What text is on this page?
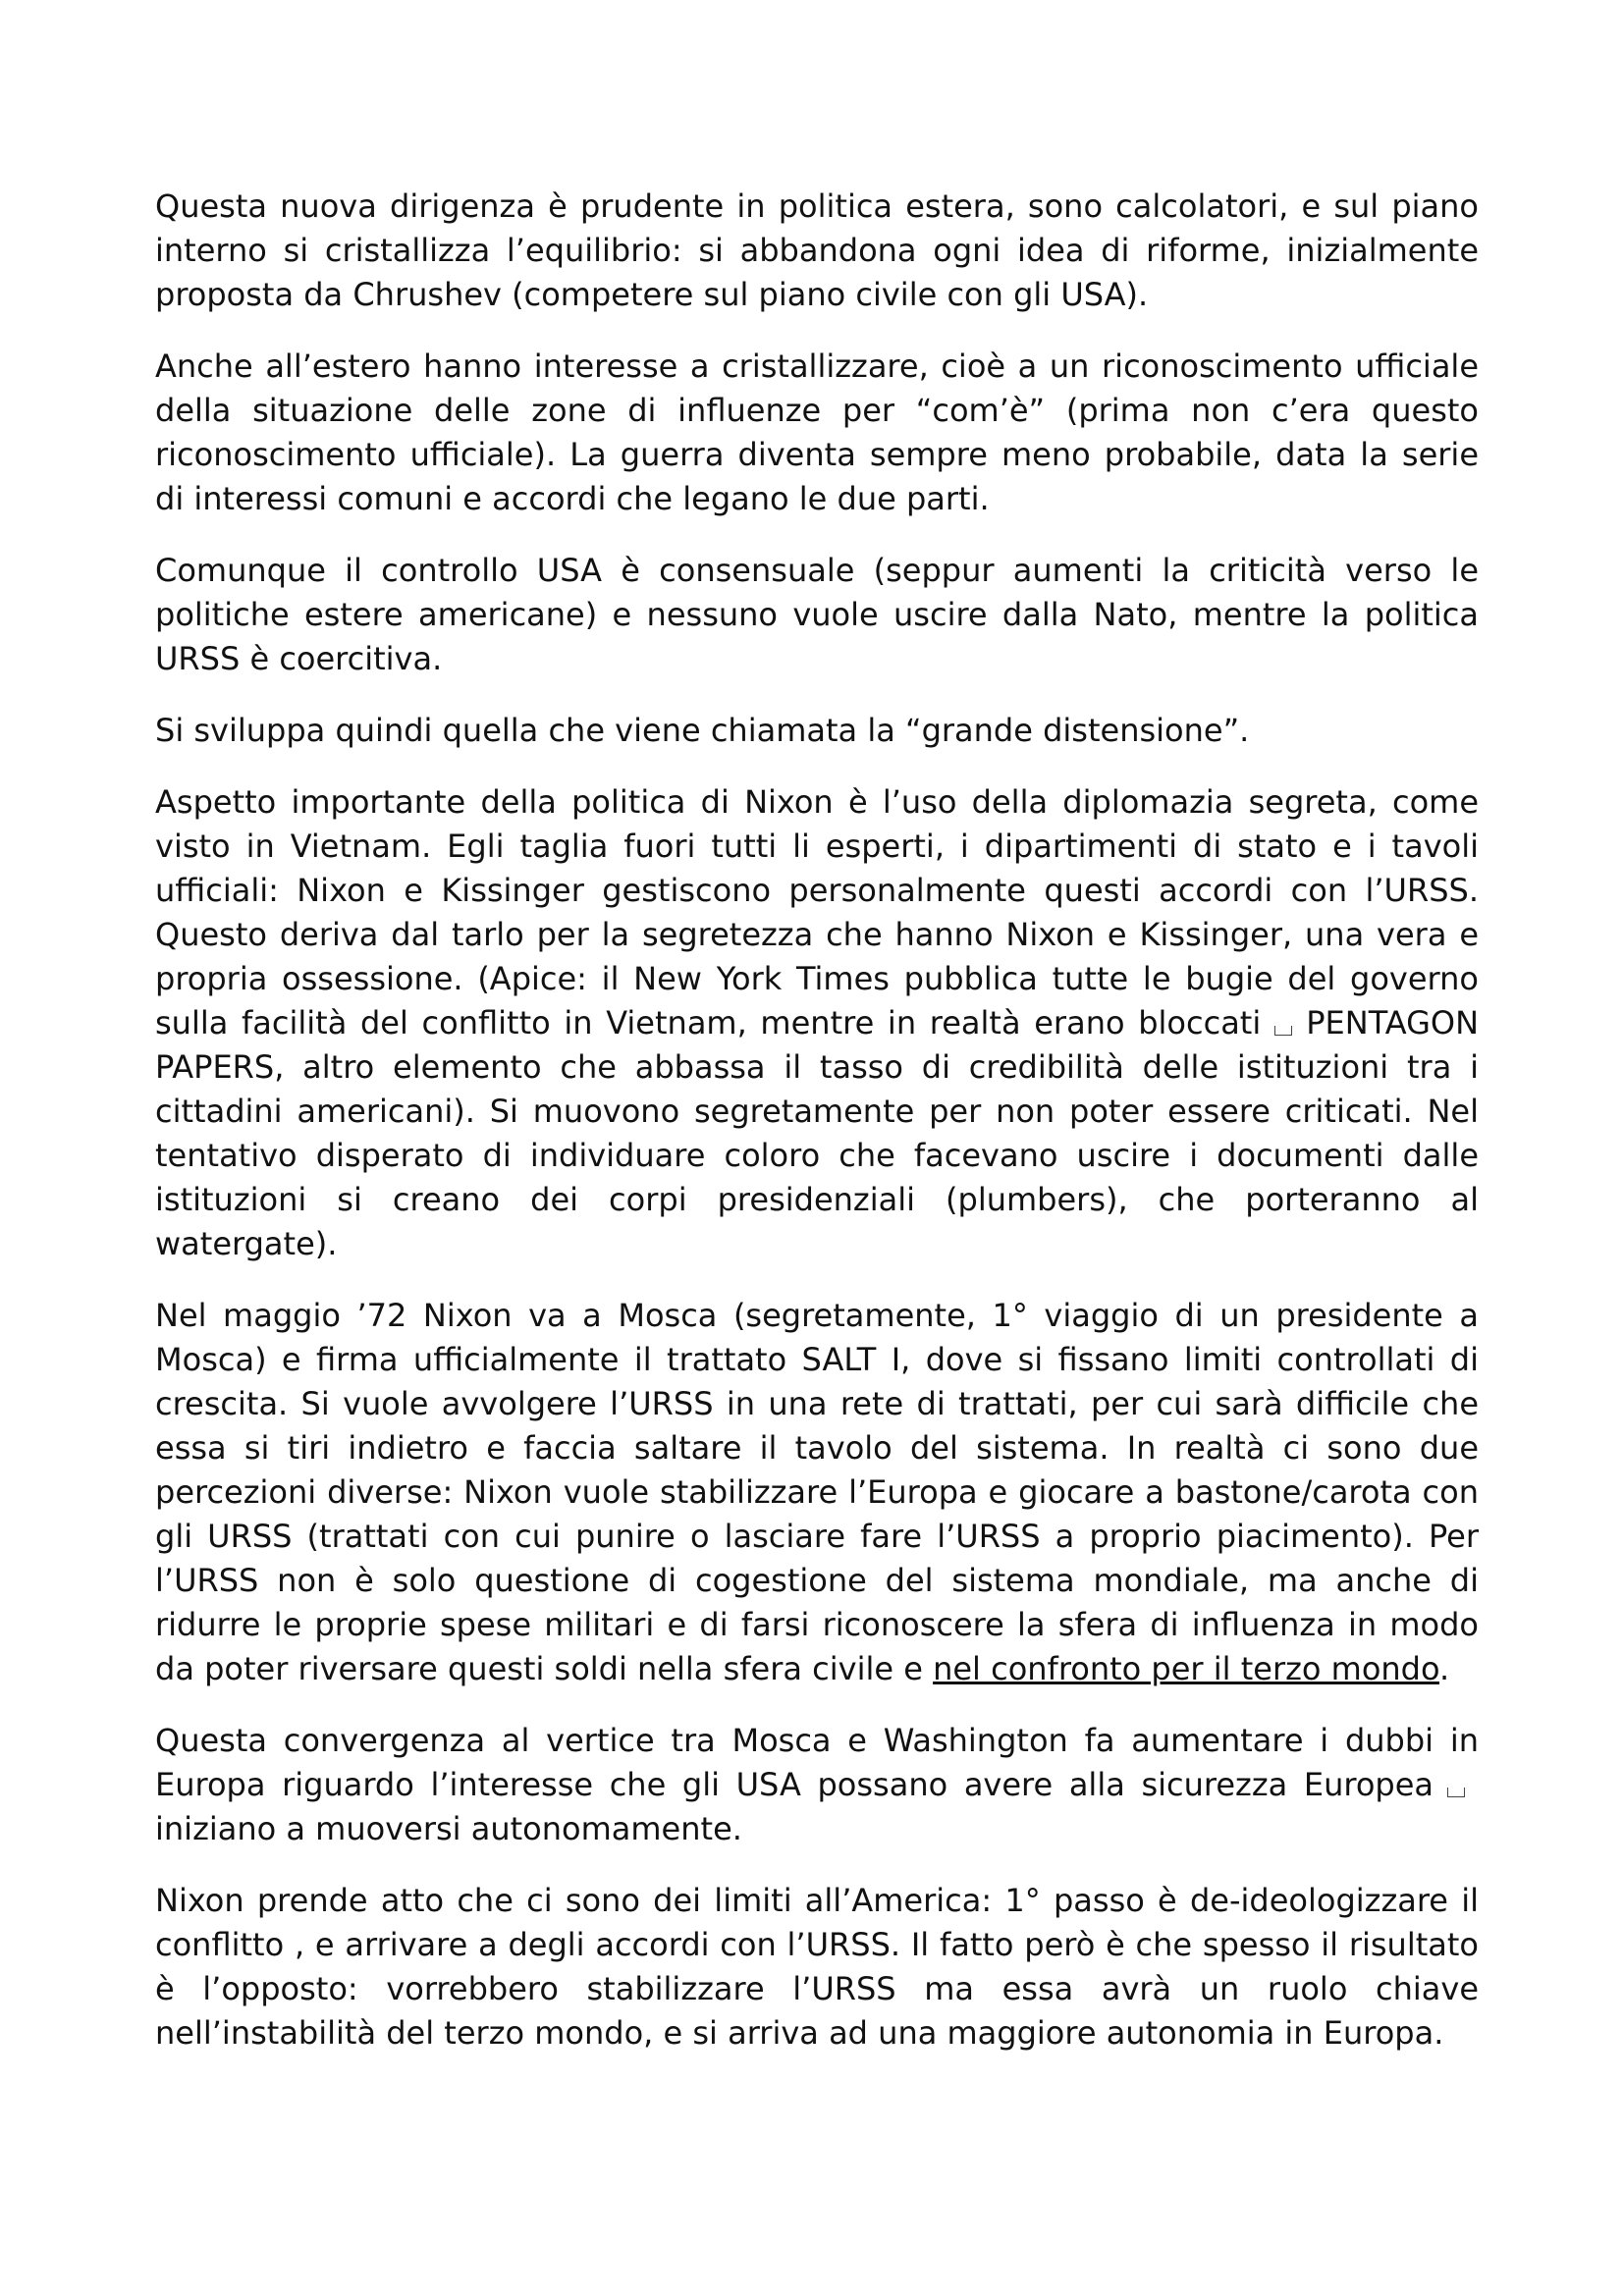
Questa nuova dirigenza è prudente in politica estera, sono calcolatori, e sul piano interno si cristallizza l’equilibrio: si abbandona ogni idea di riforme, inizialmente proposta da Chrushev (competere sul piano civile con gli USA).

Anche all’estero hanno interesse a cristallizzare, cioè a un riconoscimento ufficiale della situazione delle zone di influenze per “com’è” (prima non c’era questo riconoscimento ufficiale). La guerra diventa sempre meno probabile, data la serie di interessi comuni e accordi che legano le due parti.

Comunque il controllo USA è consensuale (seppur aumenti la criticità verso le politiche estere americane) e nessuno vuole uscire dalla Nato, mentre la politica URSS è coercitiva.

Si sviluppa quindi quella che viene chiamata la “grande distensione”.

Aspetto importante della politica di Nixon è l’uso della diplomazia segreta, come visto in Vietnam. Egli taglia fuori tutti li esperti, i dipartimenti di stato e i tavoli ufficiali: Nixon e Kissinger gestiscono personalmente questi accordi con l’URSS. Questo deriva dal tarlo per la segretezza che hanno Nixon e Kissinger, una vera e propria ossessione. (Apice: il New York Times pubblica tutte le bugie del governo sulla facilità del conflitto in Vietnam, mentre in realtà erano bloccati PENTAGON PAPERS, altro elemento che abbassa il tasso di credibilità delle istituzioni tra i cittadini americani). Si muovono segretamente per non poter essere criticati. Nel tentativo disperato di individuare coloro che facevano uscire i documenti dalle istituzioni si creano dei corpi presidenziali (plumbers), che porteranno al watergate).

Nel maggio ’72 Nixon va a Mosca (segretamente, 1° viaggio di un presidente a Mosca) e firma ufficialmente il trattato SALT I, dove si fissano limiti controllati di crescita. Si vuole avvolgere l’URSS in una rete di trattati, per cui sarà difficile che essa si tiri indietro e faccia saltare il tavolo del sistema. In realtà ci sono due percezioni diverse: Nixon vuole stabilizzare l’Europa e giocare a bastone/carota con gli URSS (trattati con cui punire o lasciare fare l’URSS a proprio piacimento). Per l’URSS non è solo questione di cogestione del sistema mondiale, ma anche di ridurre le proprie spese militari e di farsi riconoscere la sfera di influenza in modo da poter riversare questi soldi nella sfera civile e nel confronto per il terzo mondo.

Questa convergenza al vertice tra Mosca e Washington fa aumentare i dubbi in Europa riguardo l’interesse che gli USA possano avere alla sicurezza Europeainiziano a muoversi autonomamente.

Nixon prende atto che ci sono dei limiti all’America: 1° passo è de-ideologizzare il conflitto , e arrivare a degli accordi con l’URSS. Il fatto però è che spesso il risultato è l’opposto: vorrebbero stabilizzare l’URSS ma essa avrà un ruolo chiave nell’instabilità del terzo mondo, e si arriva ad una maggiore autonomia in Europa.
